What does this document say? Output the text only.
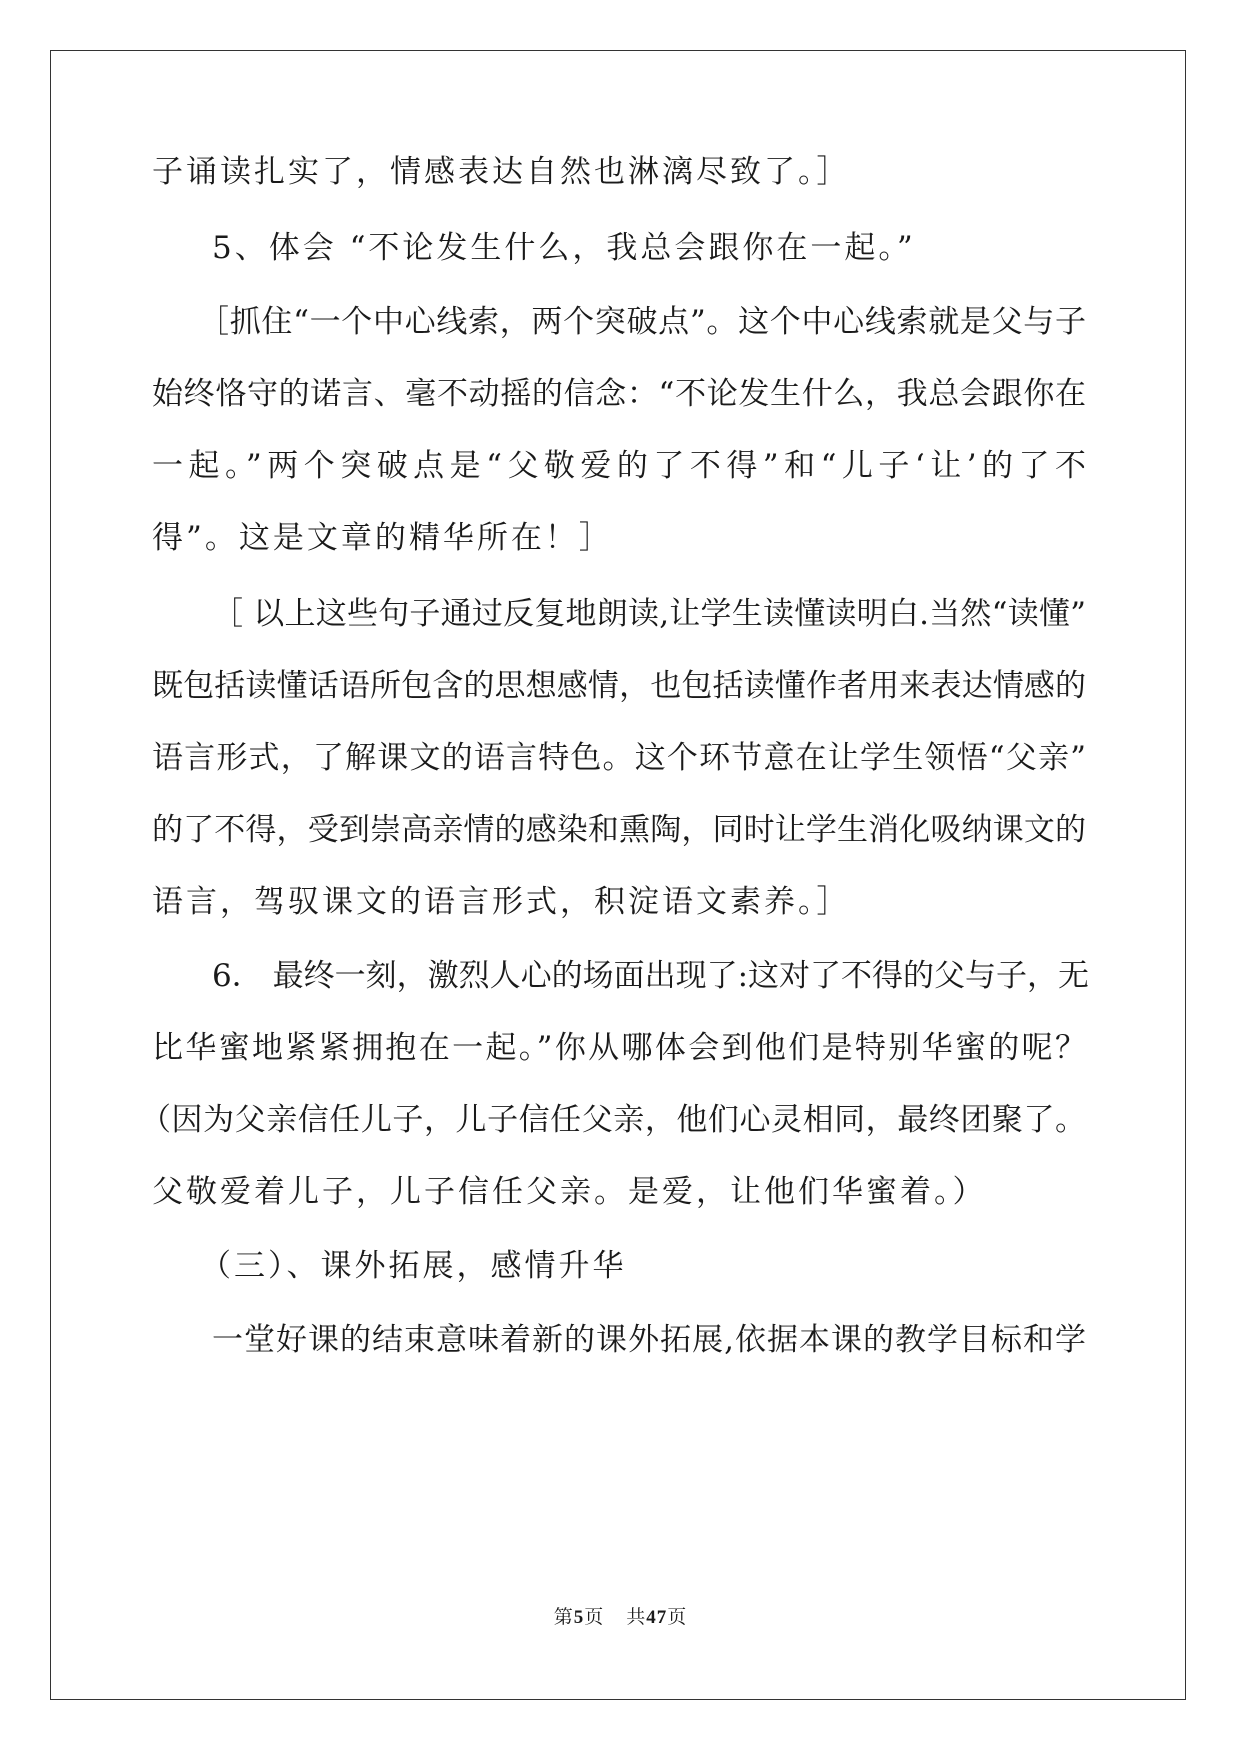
子诵读扎实了，情感表达自然也淋漓尽致了。］
5、体会 “不论发生什么，我总会跟你在一起。”
［抓住“一个中心线索，两个突破点”。这个中心线索就是父与子
始终恪守的诺言、毫不动摇的信念：“不论发生什么，我总会跟你在
一起。”两个突破点是“父敬爱的了不得”和“儿子‘让’的了不
得”。这是文章的精华所在！］
［ 以上这些句子通过反复地朗读,让学生读懂读明白.当然“读懂”
既包括读懂话语所包含的思想感情，也包括读懂作者用来表达情感的
语言形式，了解课文的语言特色。这个环节意在让学生领悟“父亲”
的了不得，受到崇高亲情的感染和熏陶，同时让学生消化吸纳课文的
语言，驾驭课文的语言形式，积淀语文素养。］
6． 最终一刻，激烈人心的场面出现了:这对了不得的父与子，无
比华蜜地紧紧拥抱在一起。”你从哪体会到他们是特别华蜜的呢？
（因为父亲信任儿子，儿子信任父亲，他们心灵相同，最终团聚了。
父敬爱着儿子，儿子信任父亲。是爱，让他们华蜜着。）
（三）、课外拓展，感情升华
一堂好课的结束意味着新的课外拓展,依据本课的教学目标和学
第5页 共47页
